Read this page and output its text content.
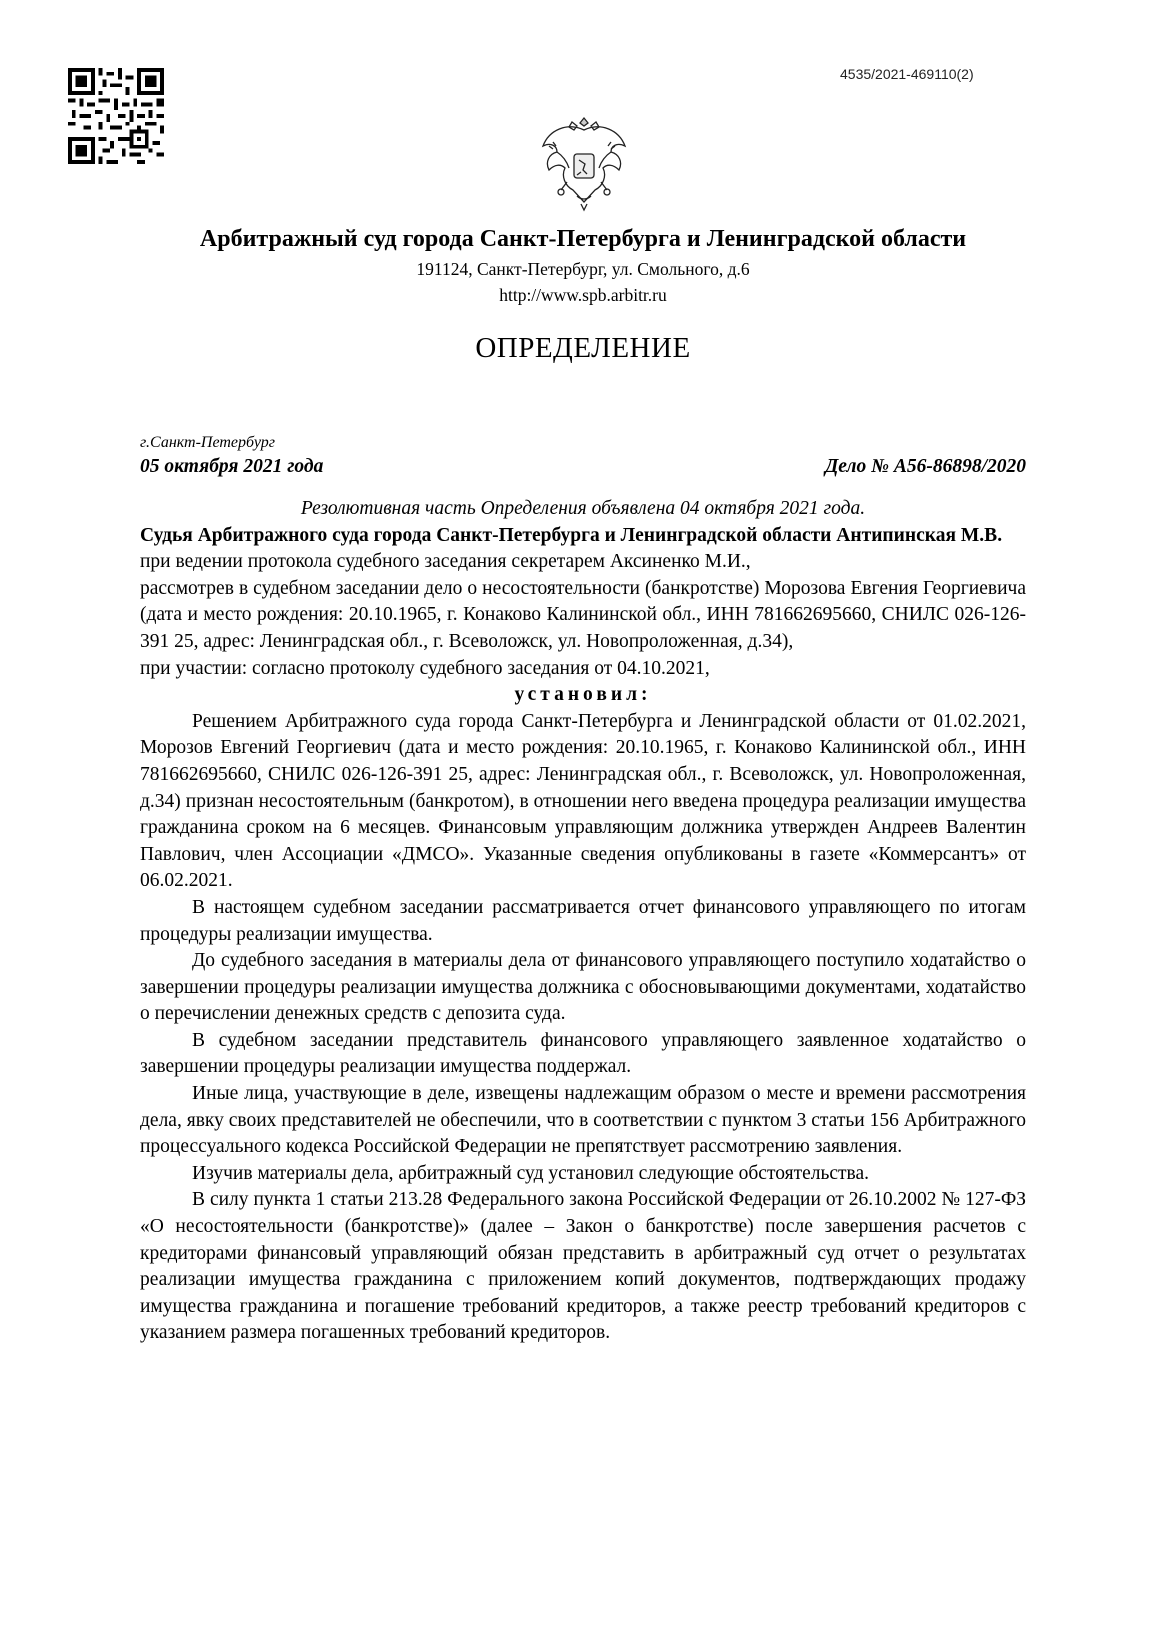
4535/2021-469110(2)
Арбитражный суд города Санкт-Петербурга и Ленинградской области
191124, Санкт-Петербург, ул. Смольного, д.6
http://www.spb.arbitr.ru
ОПРЕДЕЛЕНИЕ
г.Санкт-Петербург
05 октября 2021 года	Дело № А56-86898/2020

Резолютивная часть Определения объявлена 04 октября 2021 года.

Судья Арбитражного суда города Санкт-Петербурга и Ленинградской области Антипинская М.В.

при ведении протокола судебного заседания секретарем Аксиненко М.И.,

рассмотрев в судебном заседании дело о несостоятельности (банкротстве) Морозова Евгения Георгиевича (дата и место рождения: 20.10.1965, г. Конаково Калининской обл., ИНН 781662695660, СНИЛС 026-126-391 25, адрес: Ленинградская обл., г. Всеволожск, ул. Новопроложенная, д.34),

при участии: согласно протоколу судебного заседания от 04.10.2021,

установил:

Решением Арбитражного суда города Санкт-Петербурга и Ленинградской области от 01.02.2021, Морозов Евгений Георгиевич (дата и место рождения: 20.10.1965, г. Конаково Калининской обл., ИНН 781662695660, СНИЛС 026-126-391 25, адрес: Ленинградская обл., г. Всеволожск, ул. Новопроложенная, д.34) признан несостоятельным (банкротом), в отношении него введена процедура реализации имущества гражданина сроком на 6 месяцев. Финансовым управляющим должника утвержден Андреев Валентин Павлович, член Ассоциации «ДМСО». Указанные сведения опубликованы в газете «Коммерсантъ» от 06.02.2021.

В настоящем судебном заседании рассматривается отчет финансового управляющего по итогам процедуры реализации имущества.

До судебного заседания в материалы дела от финансового управляющего поступило ходатайство о завершении процедуры реализации имущества должника с обосновывающими документами, ходатайство о перечислении денежных средств с депозита суда.

В судебном заседании представитель финансового управляющего заявленное ходатайство о завершении процедуры реализации имущества поддержал.

Иные лица, участвующие в деле, извещены надлежащим образом о месте и времени рассмотрения дела, явку своих представителей не обеспечили, что в соответствии с пунктом 3 статьи 156 Арбитражного процессуального кодекса Российской Федерации не препятствует рассмотрению заявления.

Изучив материалы дела, арбитражный суд установил следующие обстоятельства.

В силу пункта 1 статьи 213.28 Федерального закона Российской Федерации от 26.10.2002 № 127-ФЗ «О несостоятельности (банкротстве)» (далее – Закон о банкротстве) после завершения расчетов с кредиторами финансовый управляющий обязан представить в арбитражный суд отчет о результатах реализации имущества гражданина с приложением копий документов, подтверждающих продажу имущества гражданина и погашение требований кредиторов, а также реестр требований кредиторов с указанием размера погашенных требований кредиторов.
